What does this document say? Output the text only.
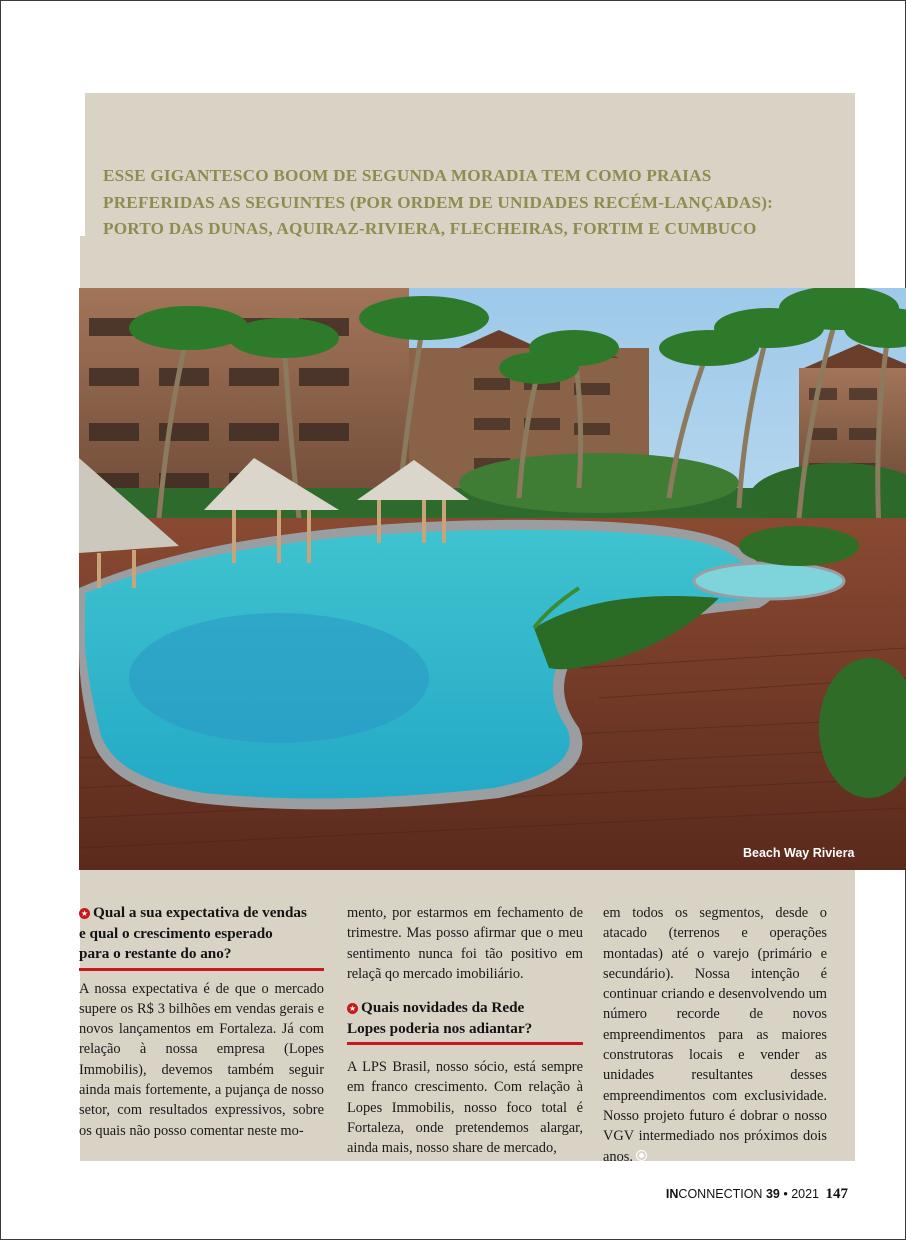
ESSE GIGANTESCO BOOM DE SEGUNDA MORADIA TEM COMO PRAIAS
PREFERIDAS AS SEGUINTES (POR ORDEM DE UNIDADES RECÉM-LANÇADAS):
PORTO DAS DUNAS, AQUIRAZ-RIVIERA, FLECHEIRAS, FORTIM E CUMBUCO
Beach Way Riviera

★ Qual a sua expectativa de vendas
e qual o crescimento esperado
para o restante do ano?

A nossa expectativa é de que o mercado supere os R$ 3 bilhões em vendas gerais e novos lançamentos em Fortaleza. Já com relação à nossa empresa (Lopes Immobilis), devemos também seguir ainda mais fortemente, a pujança de nosso setor, com resultados expressivos, sobre os quais não posso comentar neste mo-

mento, por estarmos em fechamento de trimestre. Mas posso afirmar que o meu sentimento nunca foi tão positivo em relaçã qo mercado imobiliário.

★ Quais novidades da Rede
Lopes poderia nos adiantar?

A LPS Brasil, nosso sócio, está sempre em franco crescimento. Com relação à Lopes Immobilis, nosso foco total é Fortaleza, onde pretendemos alargar, ainda mais, nosso share de mercado,

em todos os segmentos, desde o atacado (terrenos e operações montadas) até o varejo (primário e secundário). Nossa intenção é continuar criando e desenvolvendo um número recorde de novos empreendimentos para as maiores construtoras locais e vender as unidades resultantes desses empreendimentos com exclusividade. Nosso projeto futuro é dobrar o nosso VGV intermediado nos próximos dois anos.

INCONNECTION 39 • 2021 147
